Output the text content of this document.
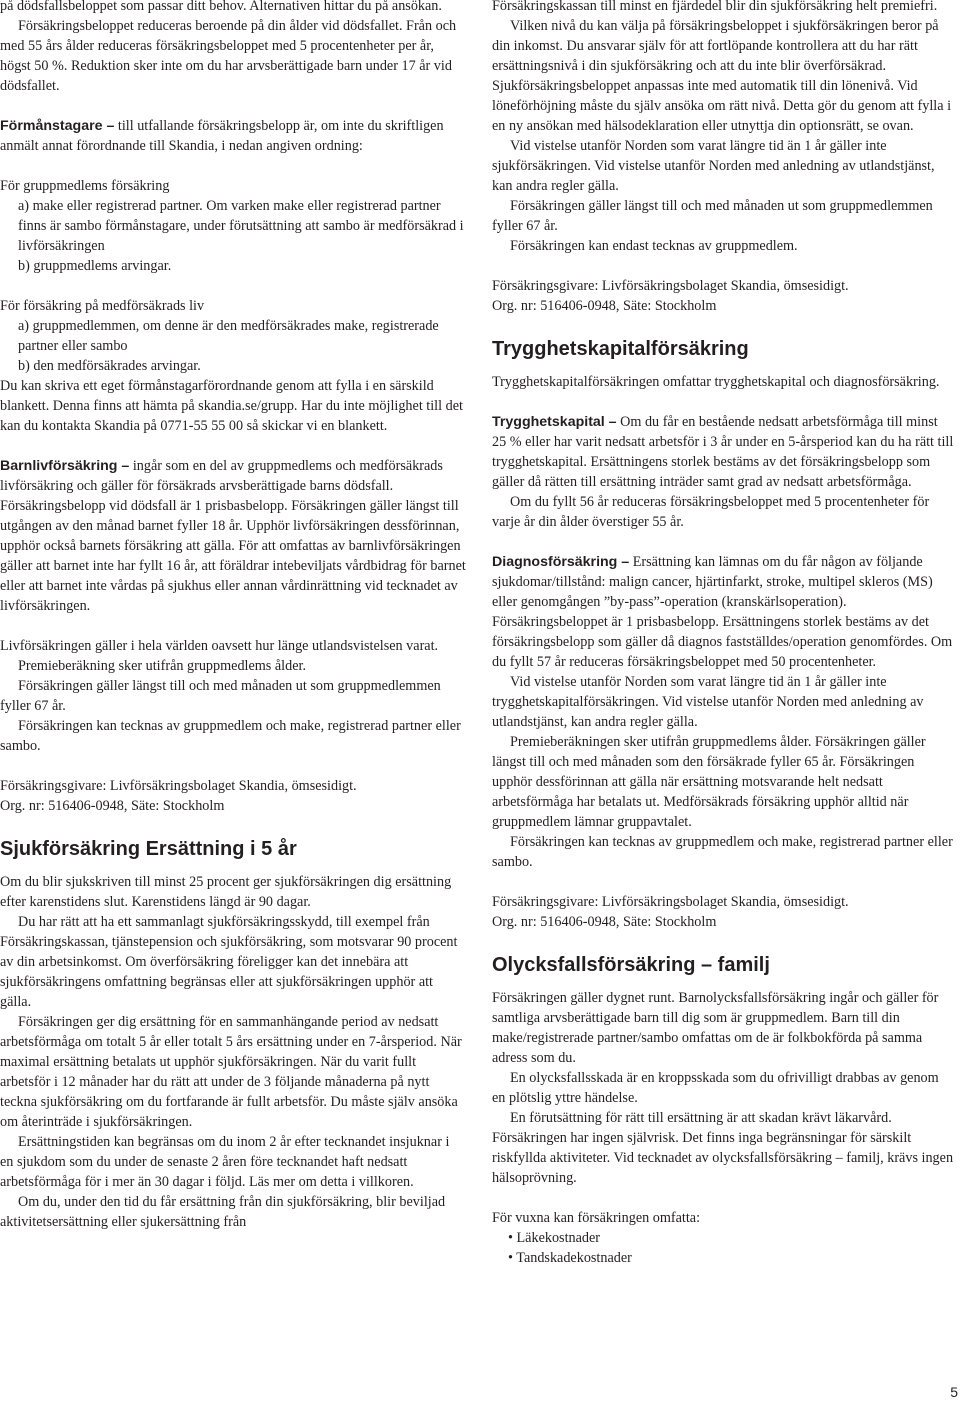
på dödsfallsbeloppet som passar ditt behov. Alternativen hittar du på ansökan.

Försäkringsbeloppet reduceras beroende på din ålder vid dödsfallet. Från och med 55 års ålder reduceras försäkringsbeloppet med 5 procentenheter per år, högst 50 %. Reduktion sker inte om du har arvsberättigade barn under 17 år vid dödsfallet.

Förmånstagare – till utfallande försäkringsbelopp är, om inte du skriftligen anmält annat förordnande till Skandia, i nedan angiven ordning:

För gruppmedlems försäkring

a) make eller registrerad partner. Om varken make eller registrerad partner finns är sambo förmånstagare, under förutsättning att sambo är medförsäkrad i livförsäkringen

b) gruppmedlems arvingar.

För försäkring på medförsäkrads liv

a) gruppmedlemmen, om denne är den medförsäkrades make, registrerade partner eller sambo

b) den medförsäkrades arvingar.

Du kan skriva ett eget förmånstagarförordnande genom att fylla i en särskild blankett. Denna finns att hämta på skandia.se/grupp. Har du inte möjlighet till det kan du kontakta Skandia på 0771-55 55 00 så skickar vi en blankett.

Barnlivförsäkring – ingår som en del av gruppmedlems och medförsäkrads livförsäkring och gäller för försäkrads arvsberättigade barns dödsfall. Försäkringsbelopp vid dödsfall är 1 prisbasbelopp. Försäkringen gäller längst till utgången av den månad barnet fyller 18 år. Upphör livförsäkringen dessförinnan, upphör också barnets försäkring att gälla. För att omfattas av barnlivförsäkringen gäller att barnet inte har fyllt 16 år, att föräldrar intebeviljats vårdbidrag för barnet eller att barnet inte vårdas på sjukhus eller annan vårdinrättning vid tecknadet av livförsäkringen.

Livförsäkringen gäller i hela världen oavsett hur länge utlandsvistelsen varat.

Premieberäkning sker utifrån gruppmedlems ålder.

Försäkringen gäller längst till och med månaden ut som gruppmedlemmen fyller 67 år.

Försäkringen kan tecknas av gruppmedlem och make, registrerad partner eller sambo.

Försäkringsgivare: Livförsäkringsbolaget Skandia, ömsesidigt.

Org. nr: 516406-0948, Säte: Stockholm

Sjukförsäkring Ersättning i 5 år

Om du blir sjukskriven till minst 25 procent ger sjukförsäkringen dig ersättning efter karenstidens slut. Karenstidens längd är 90 dagar.

Du har rätt att ha ett sammanlagt sjukförsäkringsskydd, till exempel från Försäkringskassan, tjänstepension och sjukförsäkring, som motsvarar 90 procent av din arbetsinkomst. Om överförsäkring föreligger kan det innebära att sjukförsäkringens omfattning begränsas eller att sjukförsäkringen upphör att gälla.

Försäkringen ger dig ersättning för en sammanhängande period av nedsatt arbetsförmåga om totalt 5 år eller totalt 5 års ersättning under en 7-årsperiod. När maximal ersättning betalats ut upphör sjukförsäkringen. När du varit fullt arbetsför i 12 månader har du rätt att under de 3 följande månaderna på nytt teckna sjukförsäkring om du fortfarande är fullt arbetsför. Du måste själv ansöka om återinträde i sjukförsäkringen.

Ersättningstiden kan begränsas om du inom 2 år efter tecknandet insjuknar i en sjukdom som du under de senaste 2 åren före tecknandet haft nedsatt arbetsförmåga för i mer än 30 dagar i följd. Läs mer om detta i villkoren.

Om du, under den tid du får ersättning från din sjukförsäkring, blir beviljad aktivitetsersättning eller sjukersättning från

Försäkringskassan till minst en fjärdedel blir din sjukförsäkring helt premiefri.

Vilken nivå du kan välja på försäkringsbeloppet i sjukförsäkringen beror på din inkomst. Du ansvarar själv för att fortlöpande kontrollera att du har rätt ersättningsnivå i din sjukförsäkring och att du inte blir överförsäkrad. Sjukförsäkringsbeloppet anpassas inte med automatik till din lönenivå. Vid löneförhöjning måste du själv ansöka om rätt nivå. Detta gör du genom att fylla i en ny ansökan med hälsodeklaration eller utnyttja din optionsrätt, se ovan.

Vid vistelse utanför Norden som varat längre tid än 1 år gäller inte sjukförsäkringen. Vid vistelse utanför Norden med anledning av utlandstjänst, kan andra regler gälla.

Försäkringen gäller längst till och med månaden ut som gruppmedlemmen fyller 67 år.

Försäkringen kan endast tecknas av gruppmedlem.

Försäkringsgivare: Livförsäkringsbolaget Skandia, ömsesidigt.

Org. nr: 516406-0948, Säte: Stockholm

Trygghetskapitalförsäkring

Trygghetskapitalförsäkringen omfattar trygghetskapital och diagnosförsäkring.

Trygghetskapital – Om du får en bestående nedsatt arbetsförmåga till minst 25 % eller har varit nedsatt arbetsför i 3 år under en 5-årsperiod kan du ha rätt till trygghetskapital. Ersättningens storlek bestäms av det försäkringsbelopp som gäller då rätten till ersättning inträder samt grad av nedsatt arbetsförmåga.

Om du fyllt 56 år reduceras försäkringsbeloppet med 5 procentenheter för varje år din ålder överstiger 55 år.

Diagnosförsäkring – Ersättning kan lämnas om du får någon av följande sjukdomar/tillstånd: malign cancer, hjärtinfarkt, stroke, multipel skleros (MS) eller genomgången ”by-pass”-operation (kranskärlsoperation). Försäkringsbeloppet är 1 prisbasbelopp. Ersättningens storlek bestäms av det försäkringsbelopp som gäller då diagnos fastställdes/operation genomfördes. Om du fyllt 57 år reduceras försäkringsbeloppet med 50 procentenheter.

Vid vistelse utanför Norden som varat längre tid än 1 år gäller inte trygghetskapitalförsäkringen. Vid vistelse utanför Norden med anledning av utlandstjänst, kan andra regler gälla.

Premieberäkningen sker utifrån gruppmedlems ålder. Försäkringen gäller längst till och med månaden som den försäkrade fyller 65 år. Försäkringen upphör dessförinnan att gälla när ersättning motsvarande helt nedsatt arbetsförmåga har betalats ut. Medförsäkrads försäkring upphör alltid när gruppmedlem lämnar gruppavtalet.

Försäkringen kan tecknas av gruppmedlem och make, registrerad partner eller sambo.

Försäkringsgivare: Livförsäkringsbolaget Skandia, ömsesidigt.

Org. nr: 516406-0948, Säte: Stockholm

Olycksfallsförsäkring – familj

Försäkringen gäller dygnet runt. Barnolycksfallsförsäkring ingår och gäller för samtliga arvsberättigade barn till dig som är gruppmedlem. Barn till din make/registrerade partner/sambo omfattas om de är folkbokförda på samma adress som du.

En olycksfallsskada är en kroppsskada som du ofrivilligt drabbas av genom en plötslig yttre händelse.

En förutsättning för rätt till ersättning är att skadan krävt läkarvård. Försäkringen har ingen självrisk. Det finns inga begränsningar för särskilt riskfyllda aktiviteter. Vid tecknadet av olycksfallsförsäkring – familj, krävs ingen hälsoprövning.

För vuxna kan försäkringen omfatta:

• Läkekostnader
• Tandskadekostnader
5
